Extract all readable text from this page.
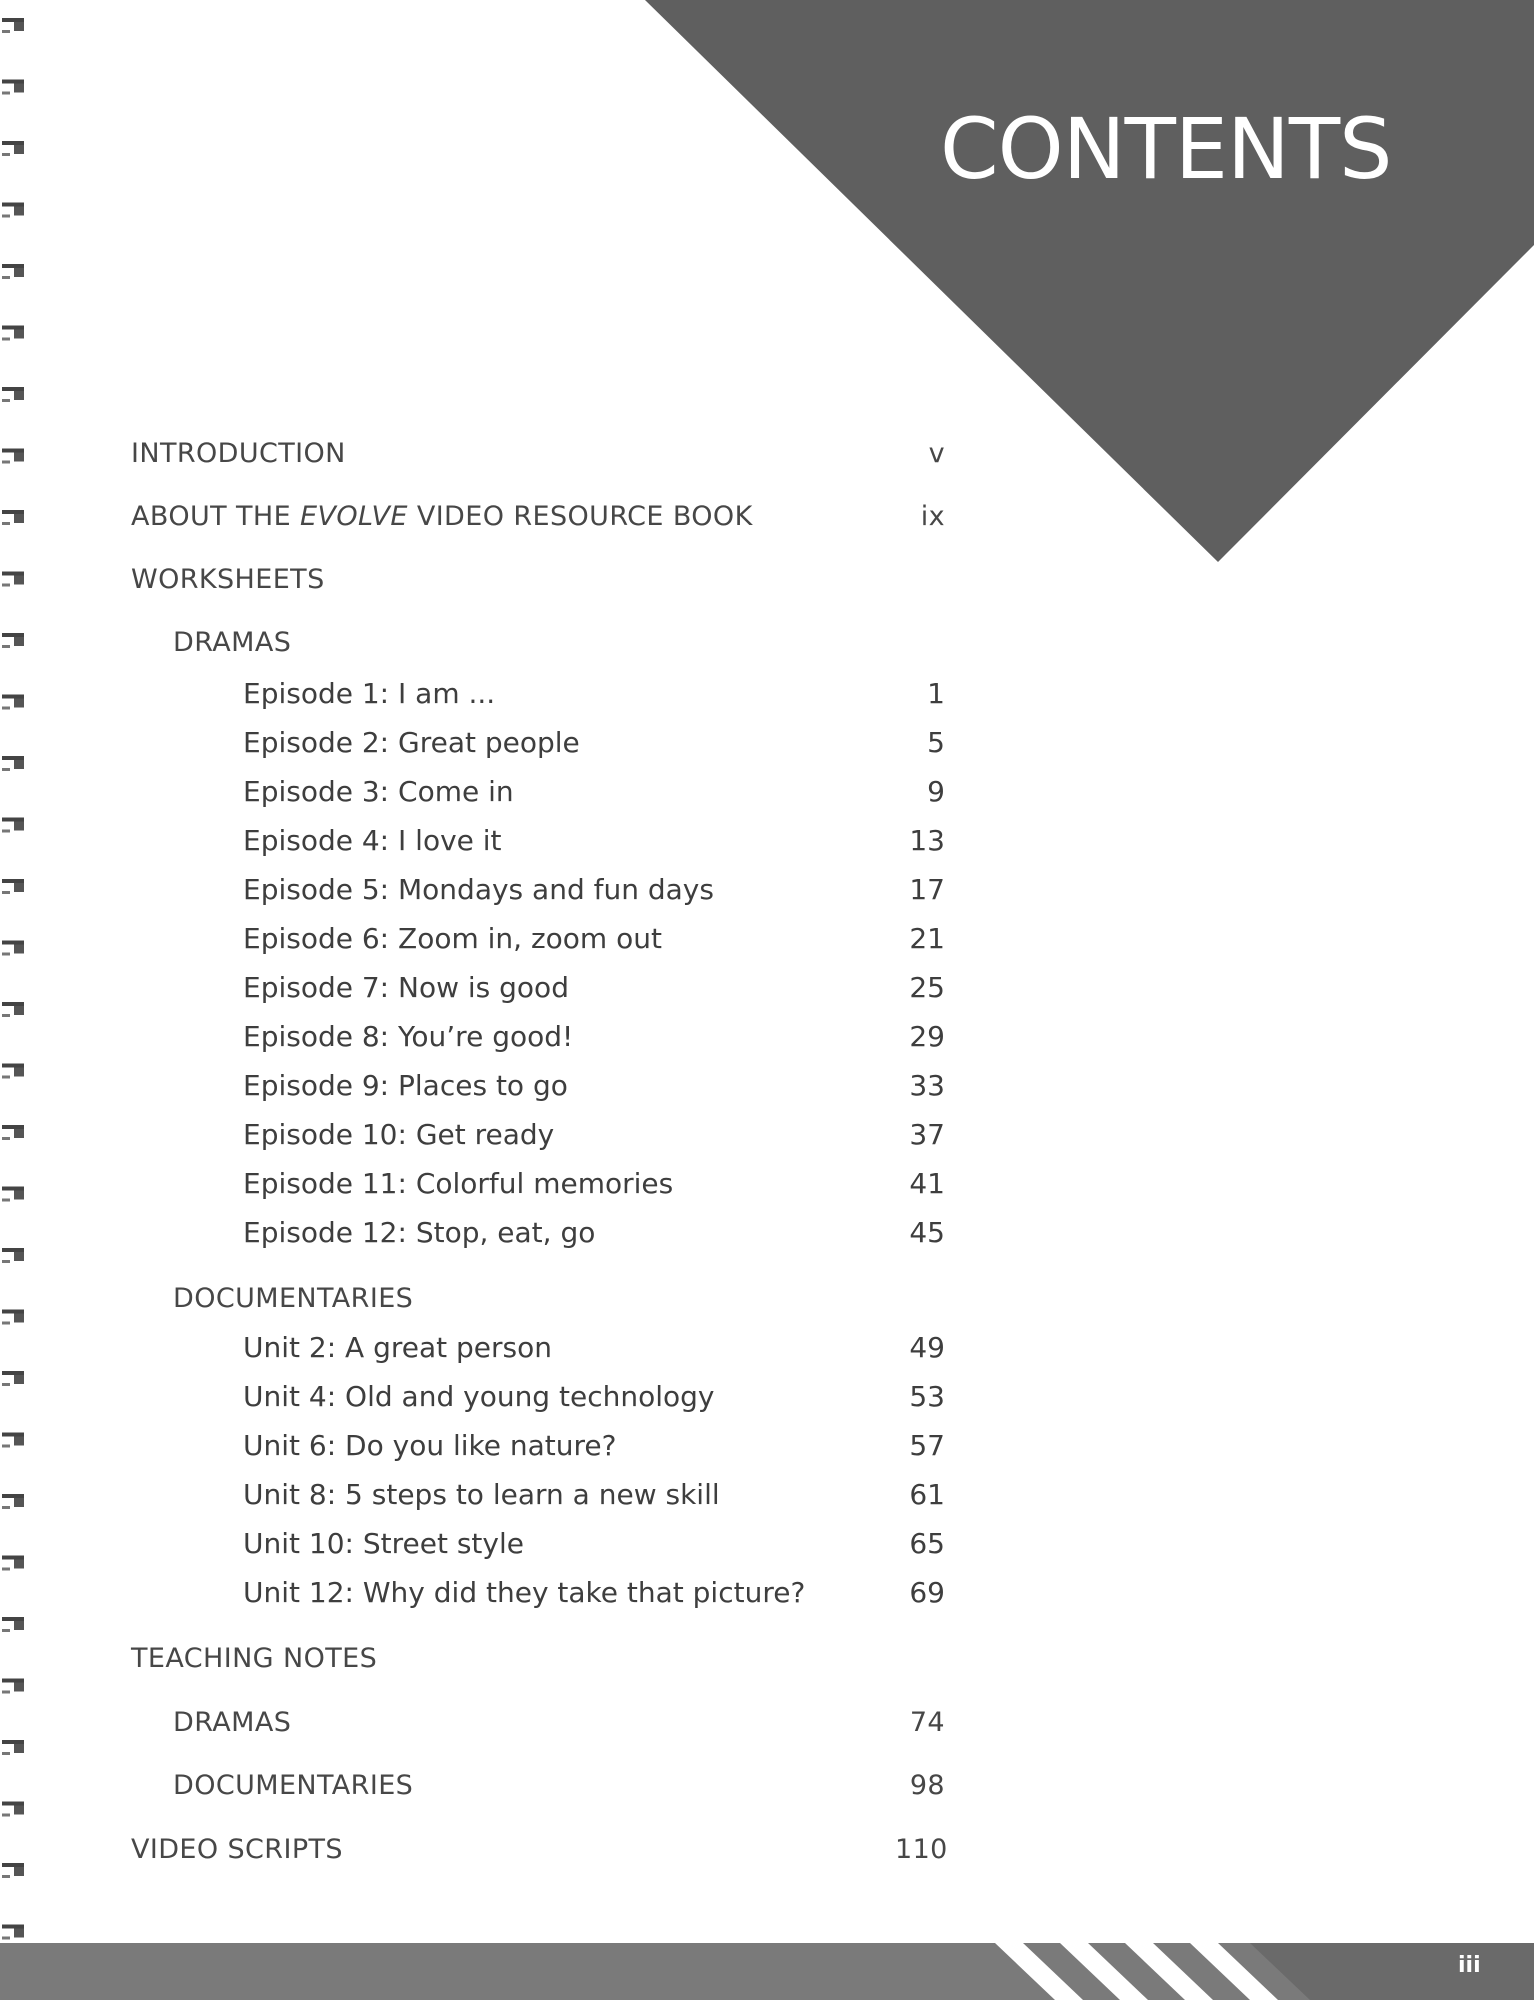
CONTENTS
INTRODUCTION	v
ABOUT THE EVOLVE VIDEO RESOURCE BOOK	ix
WORKSHEETS
DRAMAS
Episode 1: I am ...	1
Episode 2: Great people	5
Episode 3: Come in	9
Episode 4: I love it	13
Episode 5: Mondays and fun days	17
Episode 6: Zoom in, zoom out	21
Episode 7: Now is good	25
Episode 8: You’re good!	29
Episode 9: Places to go	33
Episode 10: Get ready	37
Episode 11: Colorful memories	41
Episode 12: Stop, eat, go	45
DOCUMENTARIES
Unit 2: A great person	49
Unit 4: Old and young technology	53
Unit 6: Do you like nature?	57
Unit 8: 5 steps to learn a new skill	61
Unit 10: Street style	65
Unit 12: Why did they take that picture?	69
TEACHING NOTES
DRAMAS	74
DOCUMENTARIES	98
VIDEO SCRIPTS	110
iii
